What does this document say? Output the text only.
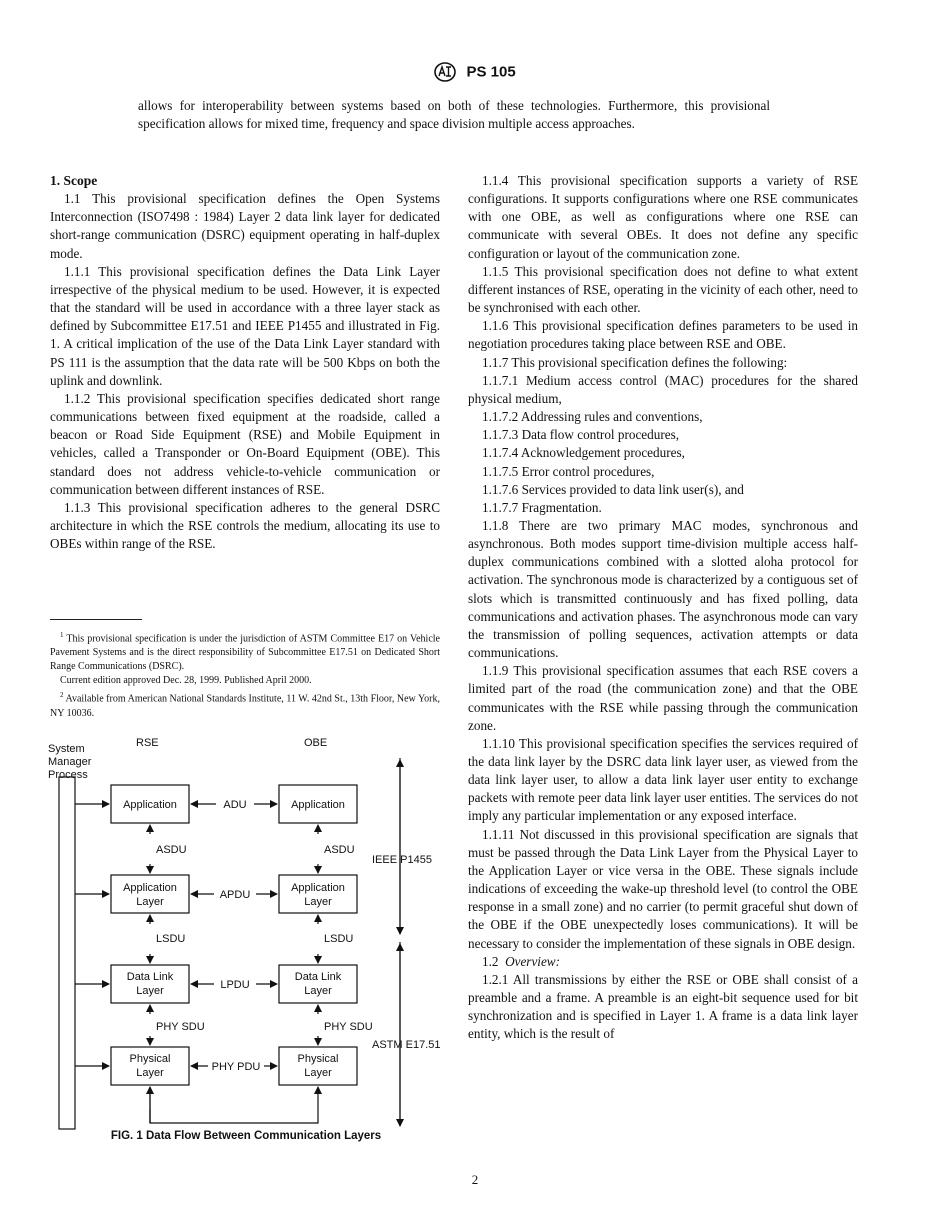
PS 105
allows for interoperability between systems based on both of these technologies. Furthermore, this provisional specification allows for mixed time, frequency and space division multiple access approaches.
1. Scope

1.1 This provisional specification defines the Open Systems Interconnection (ISO7498 : 1984) Layer 2 data link layer for dedicated short-range communication (DSRC) equipment operating in half-duplex mode.

1.1.1 This provisional specification defines the Data Link Layer irrespective of the physical medium to be used. However, it is expected that the standard will be used in accordance with a three layer stack as defined by Subcommittee E17.51 and IEEE P1455 and illustrated in Fig. 1. A critical implication of the use of the Data Link Layer standard with PS 111 is the assumption that the data rate will be 500 Kbps on both the uplink and downlink.

1.1.2 This provisional specification specifies dedicated short range communications between fixed equipment at the roadside, called a beacon or Road Side Equipment (RSE) and Mobile Equipment in vehicles, called a Transponder or On-Board Equipment (OBE). This standard does not address vehicle-to-vehicle communication or communication between different instances of RSE.

1.1.3 This provisional specification adheres to the general DSRC architecture in which the RSE controls the medium, allocating its use to OBEs within range of the RSE.

$^1$ This provisional specification is under the jurisdiction of ASTM Committee E17 on Vehicle Pavement Systems and is the direct responsibility of Subcommittee E17.51 on Dedicated Short Range Communications (DSRC).

Current edition approved Dec. 28, 1999. Published April 2000.

$^2$ Available from American National Standards Institute, 11 W. 42nd St., 13th Floor, New York, NY 10036.

System
Manager
Process
RSE	OBE
Application
Application
Layer
Data Link
Layer
Physical
Layer
Application
Application
Layer
Data Link
Layer
Physical
Layer
ADU
APDU
LPDU
PHY PDU
ASDU
LSDU
PHY SDU
ASDU
LSDU
PHY SDU
IEEE P1455
ASTM E17.51
FIG. 1 Data Flow Between Communication Layers

1.1.4 This provisional specification supports a variety of RSE configurations. It supports configurations where one RSE communicates with one OBE, as well as configurations where one RSE can communicate with several OBEs. It does not define any specific configuration or layout of the communication zone.

1.1.5 This provisional specification does not define to what extent different instances of RSE, operating in the vicinity of each other, need to be synchronised with each other.

1.1.6 This provisional specification defines parameters to be used in negotiation procedures taking place between RSE and OBE.

1.1.7 This provisional specification defines the following:

1.1.7.1 Medium access control (MAC) procedures for the shared physical medium,

1.1.7.2 Addressing rules and conventions,

1.1.7.3 Data flow control procedures,

1.1.7.4 Acknowledgement procedures,

1.1.7.5 Error control procedures,

1.1.7.6 Services provided to data link user(s), and

1.1.7.7 Fragmentation.

1.1.8 There are two primary MAC modes, synchronous and asynchronous. Both modes support time-division multiple access half-duplex communications combined with a slotted aloha protocol for activation. The synchronous mode is characterized by a contiguous set of slots which is transmitted continuously and has fixed polling, data communications and activation phases. The asynchronous mode can vary the transmission of polling sequences, activation attempts or data communications.

1.1.9 This provisional specification assumes that each RSE covers a limited part of the road (the communication zone) and that the OBE communicates with the RSE while passing through the communication zone.

1.1.10 This provisional specification specifies the services required of the data link layer by the DSRC data link layer user, as viewed from the data link layer user, to allow a data link layer user entity to exchange packets with remote peer data link layer user entities. The services do not imply any particular implementation or any exposed interface.

1.1.11 Not discussed in this provisional specification are signals that must be passed through the Data Link Layer from the Physical Layer to the Application Layer or vice versa in the OBE. These signals include indications of exceeding the wake-up threshold level (to control the OBE response in a small zone) and no carrier (to permit graceful shut down of the OBE if the OBE unexpectedly loses communications). It will be necessary to consider the implementation of these signals in OBE design.

1.2 Overview:

1.2.1 All transmissions by either the RSE or OBE shall consist of a preamble and a frame. A preamble is an eight-bit sequence used for bit synchronization and is specified in Layer 1. A frame is a data link layer entity, which is the result of

2
